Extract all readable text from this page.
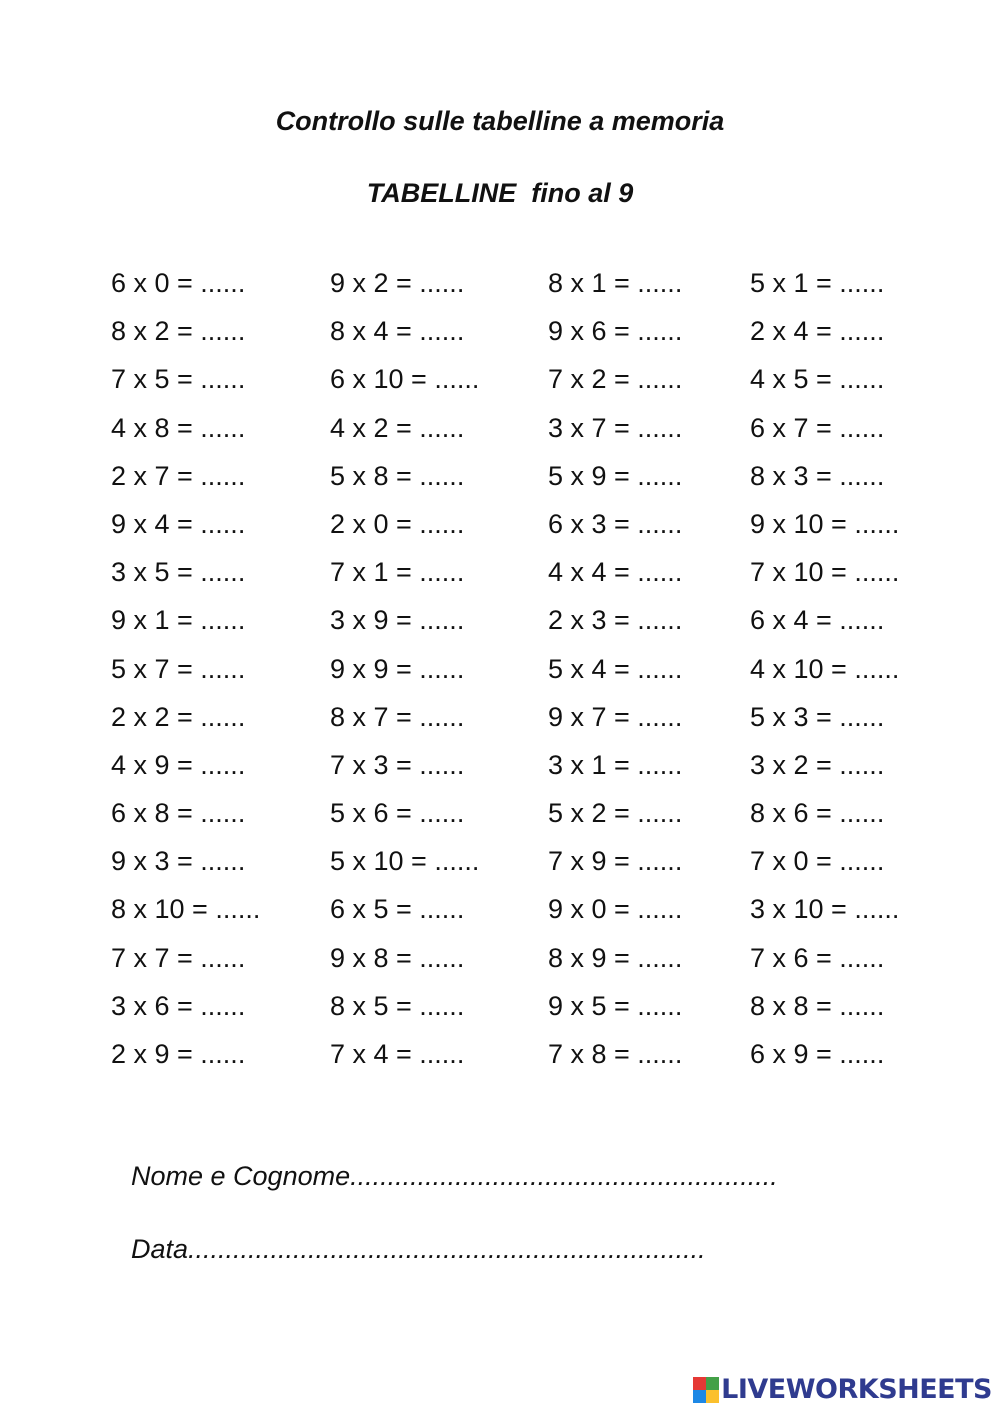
Controllo sulle tabelline a memoria
TABELLINE  fino al 9
6 x 0 = ......
8 x 2 = ......
7 x 5 = ......
4 x 8 = ......
2 x 7 = ......
9 x 4 = ......
3 x 5 = ......
9 x 1 = ......
5 x 7 = ......
2 x 2 = ......
4 x 9 = ......
6 x 8 = ......
9 x 3 = ......
8 x 10 = ......
7 x 7 = ......
3 x 6 = ......
2 x 9 = ......
9 x 2 = ......
8 x 4 = ......
6 x 10 = ......
4 x 2 = ......
5 x 8 = ......
2 x 0 = ......
7 x 1 = ......
3 x 9 = ......
9 x 9 = ......
8 x 7 = ......
7 x 3 = ......
5 x 6 = ......
5 x 10 = ......
6 x 5 = ......
9 x 8 = ......
8 x 5 = ......
7 x 4 = ......
8 x 1 = ......
9 x 6 = ......
7 x 2 = ......
3 x 7 = ......
5 x 9 = ......
6 x 3 = ......
4 x 4 = ......
2 x 3 = ......
5 x 4 = ......
9 x 7 = ......
3 x 1 = ......
5 x 2 = ......
7 x 9 = ......
9 x 0 = ......
8 x 9 = ......
9 x 5 = ......
7 x 8 = ......
5 x 1 = ......
2 x 4 = ......
4 x 5 = ......
6 x 7 = ......
8 x 3 = ......
9 x 10 = ......
7 x 10 = ......
6 x 4 = ......
4 x 10 = ......
5 x 3 = ......
3 x 2 = ......
8 x 6 = ......
7 x 0 = ......
3 x 10 = ......
7 x 6 = ......
8 x 8 = ......
6 x 9 = ......
Nome e Cognome.........................................................
Data.....................................................................
LIVEWORKSHEETS
